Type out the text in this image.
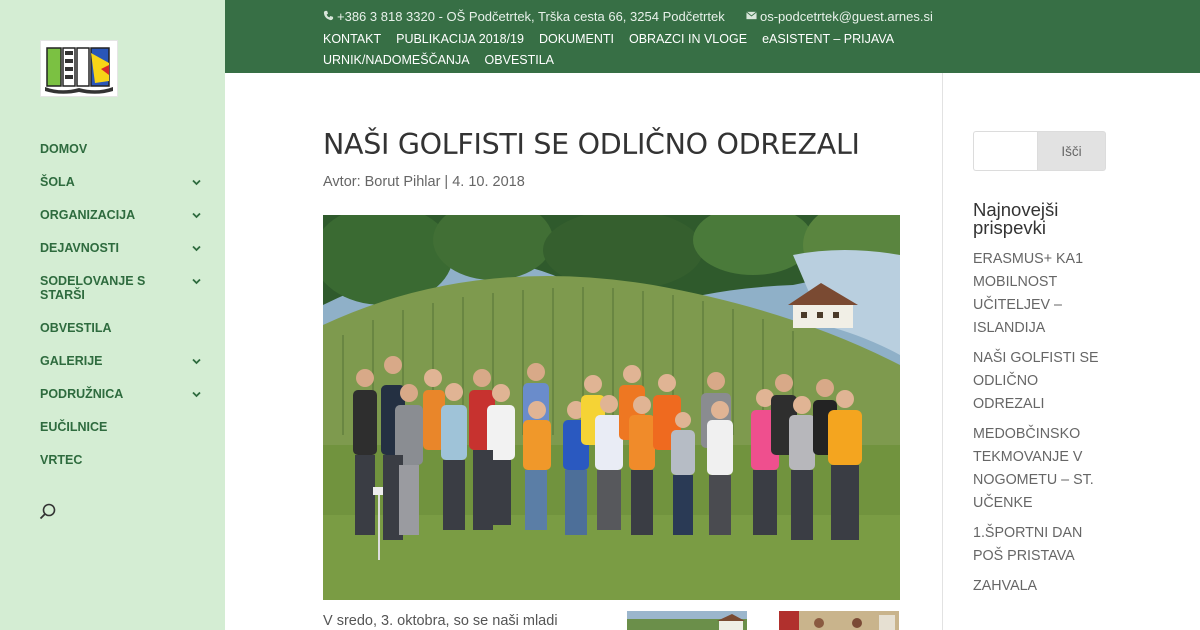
DOMOV
ŠOLA
ORGANIZACIJA
DEJAVNOSTI
SODELOVANJE S STARŠI
OBVESTILA
GALERIJE
PODRUŽNICA
EUČILNICE
VRTEC
+386 3 818 3320 - OŠ Podčetrtek, Trška cesta 66, 3254 Podčetrtek	os-podcetrtek@guest.arnes.si
KONTAKT PUBLIKACIJA 2018/19 DOKUMENTI OBRAZCI IN VLOGE eASISTENT – PRIJAVAURNIK/NADOMEŠČANJA OBVESTILA
NAŠI GOLFISTI SE ODLIČNO ODREZALI
Avtor: Borut Pihlar | 4. 10. 2018
V sredo, 3. oktobra, so se naši mladi
Išči
Najnovejši prispevki
ERASMUS+ KA1 MOBILNOST UČITELJEV – ISLANDIJA
NAŠI GOLFISTI SE ODLIČNO ODREZALI
MEDOBČINSKO TEKMOVANJE V NOGOMETU – ST. UČENKE
1.ŠPORTNI DAN POŠ PRISTAVA
ZAHVALA
